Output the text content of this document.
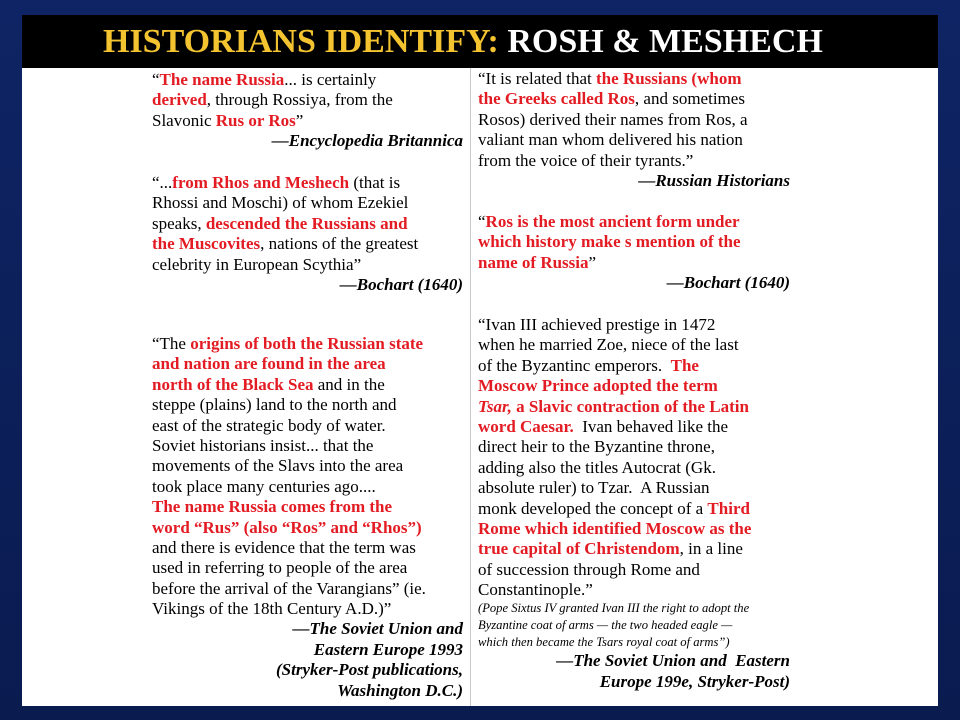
HISTORIANS IDENTIFY: ROSH & MESHECH
“The name Russia... is certainly
derived, through Rossiya, from the
Slavonic Rus or Ros”
—Encyclopedia Britannica
“...from Rhos and Meshech (that is
Rhossi and Moschi) of whom Ezekiel
speaks, descended the Russians and
the Muscovites, nations of the greatest
celebrity in European Scythia”
—Bochart (1640)
“The origins of both the Russian state
and nation are found in the area
north of the Black Sea and in the
steppe (plains) land to the north and
east of the strategic body of water.
Soviet historians insist... that the
movements of the Slavs into the area
took place many centuries ago....
The name Russia comes from the
word “Rus” (also “Ros” and “Rhos”)
and there is evidence that the term was
used in referring to people of the area
before the arrival of the Varangians” (ie.
Vikings of the 18th Century A.D.)”
—The Soviet Union and
Eastern Europe 1993
(Stryker-Post publications,
Washington D.C.)
“It is related that the Russians (whom
the Greeks called Ros, and sometimes
Rosos) derived their names from Ros, a
valiant man whom delivered his nation
from the voice of their tyrants.”
—Russian Historians
“Ros is the most ancient form under
which history make s mention of the
name of Russia”
—Bochart (1640)
“Ivan III achieved prestige in 1472
when he married Zoe, niece of the last
of the Byzantinc emperors.  The
Moscow Prince adopted the term
Tsar, a Slavic contraction of the Latin
word Caesar.  Ivan behaved like the
direct heir to the Byzantine throne,
adding also the titles Autocrat (Gk.
absolute ruler) to Tzar.  A Russian
monk developed the concept of a Third
Rome which identified Moscow as the
true capital of Christendom, in a line
of succession through Rome and
Constantinople.”
(Pope Sixtus IV granted Ivan III the right to adopt the
Byzantine coat of arms — the two headed eagle —
which then became the Tsars royal coat of arms”)
—The Soviet Union and  Eastern
Europe 199e, Stryker-Post)
